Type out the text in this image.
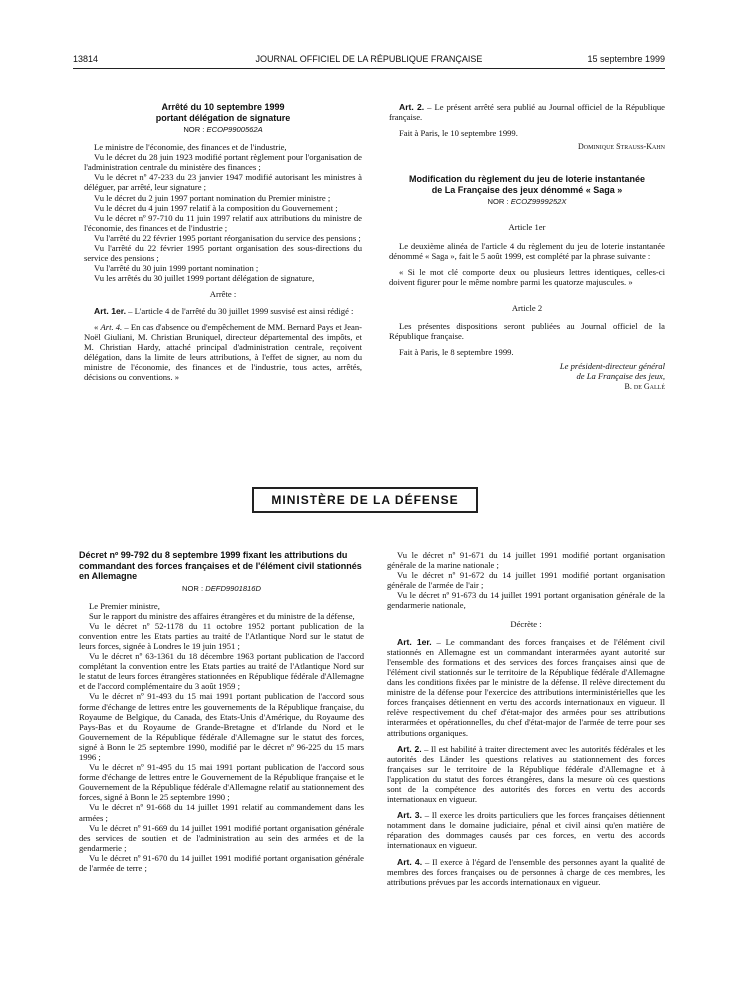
13814	JOURNAL OFFICIEL DE LA RÉPUBLIQUE FRANÇAISE	15 septembre 1999
Arrêté du 10 septembre 1999
portant délégation de signature
NOR : ECOP9900562A

Le ministre de l'économie, des finances et de l'industrie,

Vu le décret du 28 juin 1923 modifié portant règlement pour l'organisation de l'administration centrale du ministère des finances ;

Vu le décret nº 47-233 du 23 janvier 1947 modifié autorisant les ministres à déléguer, par arrêté, leur signature ;

Vu le décret du 2 juin 1997 portant nomination du Premier ministre ;

Vu le décret du 4 juin 1997 relatif à la composition du Gouvernement ;

Vu le décret nº 97-710 du 11 juin 1997 relatif aux attributions du ministre de l'économie, des finances et de l'industrie ;

Vu l'arrêté du 22 février 1995 portant réorganisation du service des pensions ;

Vu l'arrêté du 22 février 1995 portant organisation des sous-directions du service des pensions ;

Vu l'arrêté du 30 juin 1999 portant nomination ;

Vu les arrêtés du 30 juillet 1999 portant délégation de signature,

Arrête :

Art. 1er. – L'article 4 de l'arrêté du 30 juillet 1999 susvisé est ainsi rédigé :

« Art. 4. – En cas d'absence ou d'empêchement de MM. Bernard Pays et Jean-Noël Giuliani, M. Christian Bruniquel, directeur départemental des impôts, et M. Christian Hardy, attaché principal d'administration centrale, reçoivent délégation, dans la limite de leurs attributions, à l'effet de signer, au nom du ministre de l'économie, des finances et de l'industrie, tous actes, arrêtés, décisions ou conventions. »

Art. 2. – Le présent arrêté sera publié au Journal officiel de la République française.

Fait à Paris, le 10 septembre 1999.

Dominique Strauss-Kahn

Modification du règlement du jeu de loterie instantanée
de La Française des jeux dénommé « Saga »
NOR : ECOZ9999252X

Article 1er

Le deuxième alinéa de l'article 4 du règlement du jeu de loterie instantanée dénommé « Saga », fait le 5 août 1999, est complété par la phrase suivante :

« Si le mot clé comporte deux ou plusieurs lettres identiques, celles-ci doivent figurer pour le même nombre parmi les quatorze majuscules. »

Article 2

Les présentes dispositions seront publiées au Journal officiel de la République française.

Fait à Paris, le 8 septembre 1999.

Le président-directeur général

de La Française des jeux,

B. de Gallé

MINISTÈRE DE LA DÉFENSE
Décret nº 99-792 du 8 septembre 1999 fixant les attributions du commandant des forces françaises et de l'élément civil stationnés en Allemagne
NOR : DEFD9901816D

Le Premier ministre,

Sur le rapport du ministre des affaires étrangères et du ministre de la défense,

Vu le décret nº 52-1178 du 11 octobre 1952 portant publication de la convention entre les Etats parties au traité de l'Atlantique Nord sur le statut de leurs forces, signée à Londres le 19 juin 1951 ;

Vu le décret nº 63-1361 du 18 décembre 1963 portant publication de l'accord complétant la convention entre les Etats parties au traité de l'Atlantique Nord sur le statut de leurs forces étrangères stationnées en République fédérale d'Allemagne et de l'accord complémentaire du 3 août 1959 ;

Vu le décret nº 91-493 du 15 mai 1991 portant publication de l'accord sous forme d'échange de lettres entre les gouvernements de la République française, du Royaume de Belgique, du Canada, des Etats-Unis d'Amérique, du Royaume des Pays-Bas et du Royaume de Grande-Bretagne et d'Irlande du Nord et le Gouvernement de la République fédérale d'Allemagne sur le statut des forces, signé à Bonn le 25 septembre 1990, modifié par le décret nº 96-225 du 15 mars 1996 ;

Vu le décret nº 91-495 du 15 mai 1991 portant publication de l'accord sous forme d'échange de lettres entre le Gouvernement de la République française et le Gouvernement de la République fédérale d'Allemagne relatif au stationnement des forces, signé à Bonn le 25 septembre 1990 ;

Vu le décret nº 91-668 du 14 juillet 1991 relatif au commandement dans les armées ;

Vu le décret nº 91-669 du 14 juillet 1991 modifié portant organisation générale des services de soutien et de l'administration au sein des armées et de la gendarmerie ;

Vu le décret nº 91-670 du 14 juillet 1991 modifié portant organisation générale de l'armée de terre ;

Vu le décret nº 91-671 du 14 juillet 1991 modifié portant organisation générale de la marine nationale ;

Vu le décret nº 91-672 du 14 juillet 1991 modifié portant organisation générale de l'armée de l'air ;

Vu le décret nº 91-673 du 14 juillet 1991 portant organisation générale de la gendarmerie nationale,

Décrète :

Art. 1er. – Le commandant des forces françaises et de l'élément civil stationnés en Allemagne est un commandant interarmées ayant autorité sur l'ensemble des formations et des services des forces françaises ainsi que de l'élément civil stationnés sur le territoire de la République fédérale d'Allemagne dans les conditions fixées par le ministre de la défense. Il relève directement du ministre de la défense pour l'exercice des attributions interministérielles que les forces françaises détiennent en vertu des accords internationaux en vigueur. Il relève respectivement du chef d'état-major des armées pour ses attributions interarmées et opérationnelles, du chef d'état-major de l'armée de terre pour ses attributions organiques.

Art. 2. – Il est habilité à traiter directement avec les autorités fédérales et les autorités des Länder les questions relatives au stationnement des forces françaises sur le territoire de la République fédérale d'Allemagne et à l'application du statut des forces étrangères, dans la mesure où ces questions sont de la compétence des autorités des forces en vertu des accords internationaux en vigueur.

Art. 3. – Il exerce les droits particuliers que les forces françaises détiennent notamment dans le domaine judiciaire, pénal et civil ainsi qu'en matière de réparation des dommages causés par ces forces, en vertu des accords internationaux en vigueur.

Art. 4. – Il exerce à l'égard de l'ensemble des personnes ayant la qualité de membres des forces françaises ou de personnes à charge de ces membres, les attributions prévues par les accords internationaux en vigueur.
